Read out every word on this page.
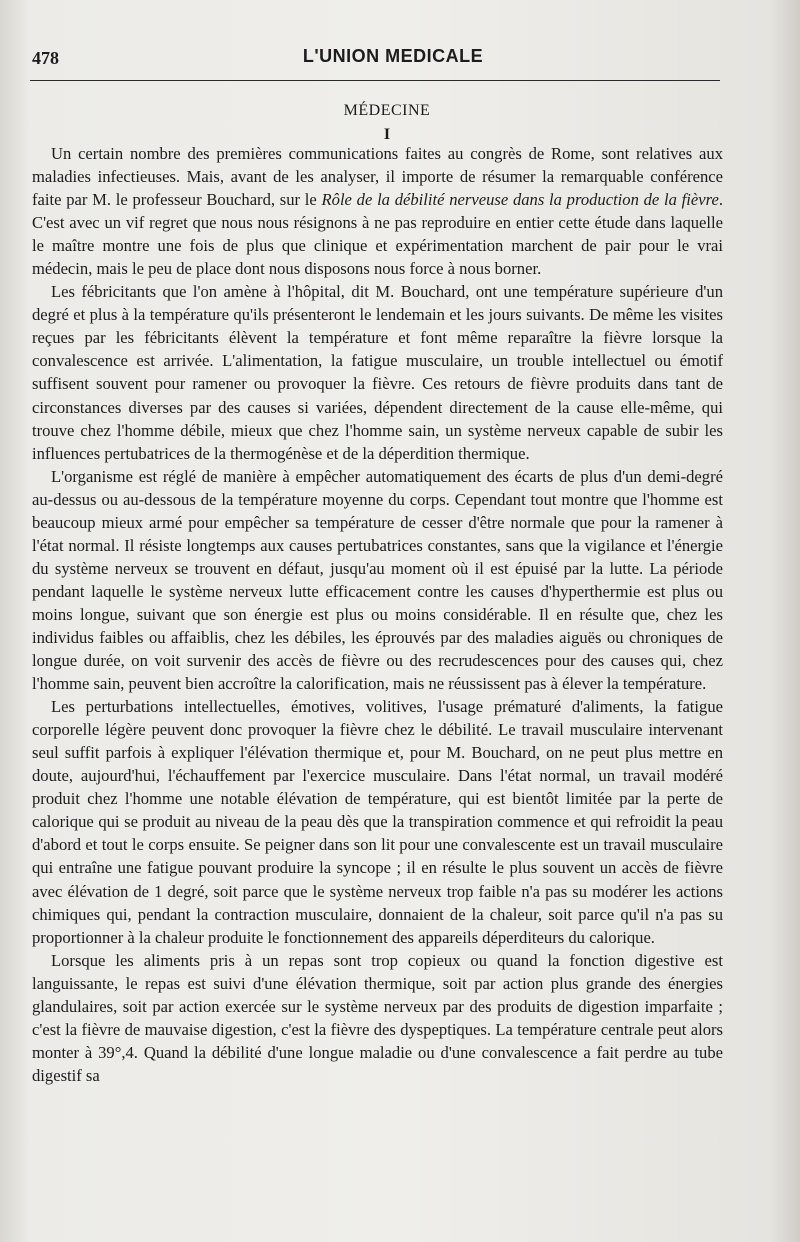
478	L'UNION MEDICALE
MÉDECINE
I

Un certain nombre des premières communications faites au congrès de Rome, sont relatives aux maladies infectieuses. Mais, avant de les analyser, il importe de résumer la remarquable conférence faite par M. le professeur Bouchard, sur le Rôle de la débilité nerveuse dans la production de la fièvre. C'est avec un vif regret que nous nous résignons à ne pas reproduire en entier cette étude dans laquelle le maître montre une fois de plus que clinique et expérimentation marchent de pair pour le vrai médecin, mais le peu de place dont nous disposons nous force à nous borner.

Les fébricitants que l'on amène à l'hôpital, dit M. Bouchard, ont une température supérieure d'un degré et plus à la température qu'ils présenteront le lendemain et les jours suivants. De même les visites reçues par les fébricitants élèvent la température et font même reparaître la fièvre lorsque la convalescence est arrivée. L'alimentation, la fatigue musculaire, un trouble intellectuel ou émotif suffisent souvent pour ramener ou provoquer la fièvre. Ces retours de fièvre produits dans tant de circonstances diverses par des causes si variées, dépendent directement de la cause elle-même, qui trouve chez l'homme débile, mieux que chez l'homme sain, un système nerveux capable de subir les influences pertubatrices de la thermogénèse et de la déperdition thermique.

L'organisme est réglé de manière à empêcher automatiquement des écarts de plus d'un demi-degré au-dessus ou au-dessous de la température moyenne du corps. Cependant tout montre que l'homme est beaucoup mieux armé pour empêcher sa température de cesser d'être normale que pour la ramener à l'état normal. Il résiste longtemps aux causes pertubatrices constantes, sans que la vigilance et l'énergie du système nerveux se trouvent en défaut, jusqu'au moment où il est épuisé par la lutte. La période pendant laquelle le système nerveux lutte efficacement contre les causes d'hyperthermie est plus ou moins longue, suivant que son énergie est plus ou moins considérable. Il en résulte que, chez les individus faibles ou affaiblis, chez les débiles, les éprouvés par des maladies aiguës ou chroniques de longue durée, on voit survenir des accès de fièvre ou des recrudescences pour des causes qui, chez l'homme sain, peuvent bien accroître la calorification, mais ne réussissent pas à élever la température.

Les perturbations intellectuelles, émotives, volitives, l'usage prématuré d'aliments, la fatigue corporelle légère peuvent donc provoquer la fièvre chez le débilité. Le travail musculaire intervenant seul suffit parfois à expliquer l'élévation thermique et, pour M. Bouchard, on ne peut plus mettre en doute, aujourd'hui, l'échauffement par l'exercice musculaire. Dans l'état normal, un travail modéré produit chez l'homme une notable élévation de température, qui est bientôt limitée par la perte de calorique qui se produit au niveau de la peau dès que la transpiration commence et qui refroidit la peau d'abord et tout le corps ensuite. Se peigner dans son lit pour une convalescente est un travail musculaire qui entraîne une fatigue pouvant produire la syncope ; il en résulte le plus souvent un accès de fièvre avec élévation de 1 degré, soit parce que le système nerveux trop faible n'a pas su modérer les actions chimiques qui, pendant la contraction musculaire, donnaient de la chaleur, soit parce qu'il n'a pas su proportionner à la chaleur produite le fonctionnement des appareils déperditeurs du calorique.

Lorsque les aliments pris à un repas sont trop copieux ou quand la fonction digestive est languissante, le repas est suivi d'une élévation thermique, soit par action plus grande des énergies glandulaires, soit par action exercée sur le système nerveux par des produits de digestion imparfaite ; c'est la fièvre de mauvaise digestion, c'est la fièvre des dyspeptiques. La température centrale peut alors monter à 39°,4. Quand la débilité d'une longue maladie ou d'une convalescence a fait perdre au tube digestif sa
